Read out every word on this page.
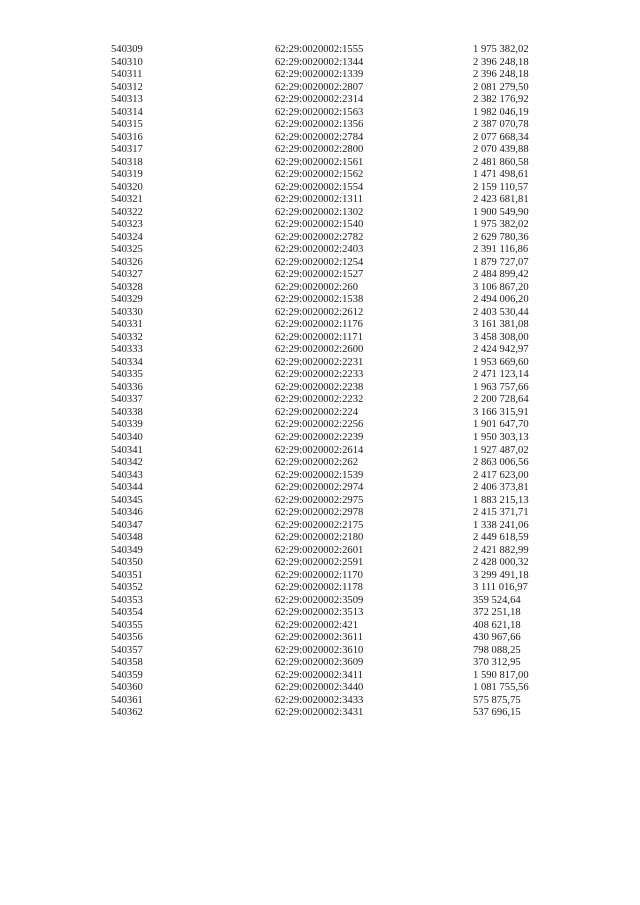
540309	62:29:0020002:1555	1 975 382,02
540310	62:29:0020002:1344	2 396 248,18
540311	62:29:0020002:1339	2 396 248,18
540312	62:29:0020002:2807	2 081 279,50
540313	62:29:0020002:2314	2 382 176,92
540314	62:29:0020002:1563	1 982 046,19
540315	62:29:0020002:1356	2 387 070,78
540316	62:29:0020002:2784	2 077 668,34
540317	62:29:0020002:2800	2 070 439,88
540318	62:29:0020002:1561	2 481 860,58
540319	62:29:0020002:1562	1 471 498,61
540320	62:29:0020002:1554	2 159 110,57
540321	62:29:0020002:1311	2 423 681,81
540322	62:29:0020002:1302	1 900 549,90
540323	62:29:0020002:1540	1 975 382,02
540324	62:29:0020002:2782	2 629 780,36
540325	62:29:0020002:2403	2 391 116,86
540326	62:29:0020002:1254	1 879 727,07
540327	62:29:0020002:1527	2 484 899,42
540328	62:29:0020002:260	3 106 867,20
540329	62:29:0020002:1538	2 494 006,20
540330	62:29:0020002:2612	2 403 530,44
540331	62:29:0020002:1176	3 161 381,08
540332	62:29:0020002:1171	3 458 308,00
540333	62:29:0020002:2600	2 424 942,97
540334	62:29:0020002:2231	1 953 669,60
540335	62:29:0020002:2233	2 471 123,14
540336	62:29:0020002:2238	1 963 757,66
540337	62:29:0020002:2232	2 200 728,64
540338	62:29:0020002:224	3 166 315,91
540339	62:29:0020002:2256	1 901 647,70
540340	62:29:0020002:2239	1 950 303,13
540341	62:29:0020002:2614	1 927 487,02
540342	62:29:0020002:262	2 863 006,56
540343	62:29:0020002:1539	2 417 623,00
540344	62:29:0020002:2974	2 406 373,81
540345	62:29:0020002:2975	1 883 215,13
540346	62:29:0020002:2978	2 415 371,71
540347	62:29:0020002:2175	1 338 241,06
540348	62:29:0020002:2180	2 449 618,59
540349	62:29:0020002:2601	2 421 882,99
540350	62:29:0020002:2591	2 428 000,32
540351	62:29:0020002:1170	3 299 491,18
540352	62:29:0020002:1178	3 111 016,97
540353	62:29:0020002:3509	359 524,64
540354	62:29:0020002:3513	372 251,18
540355	62:29:0020002:421	408 621,18
540356	62:29:0020002:3611	430 967,66
540357	62:29:0020002:3610	798 088,25
540358	62:29:0020002:3609	370 312,95
540359	62:29:0020002:3411	1 590 817,00
540360	62:29:0020002:3440	1 081 755,56
540361	62:29:0020002:3433	575 875,75
540362	62:29:0020002:3431	537 696,15
